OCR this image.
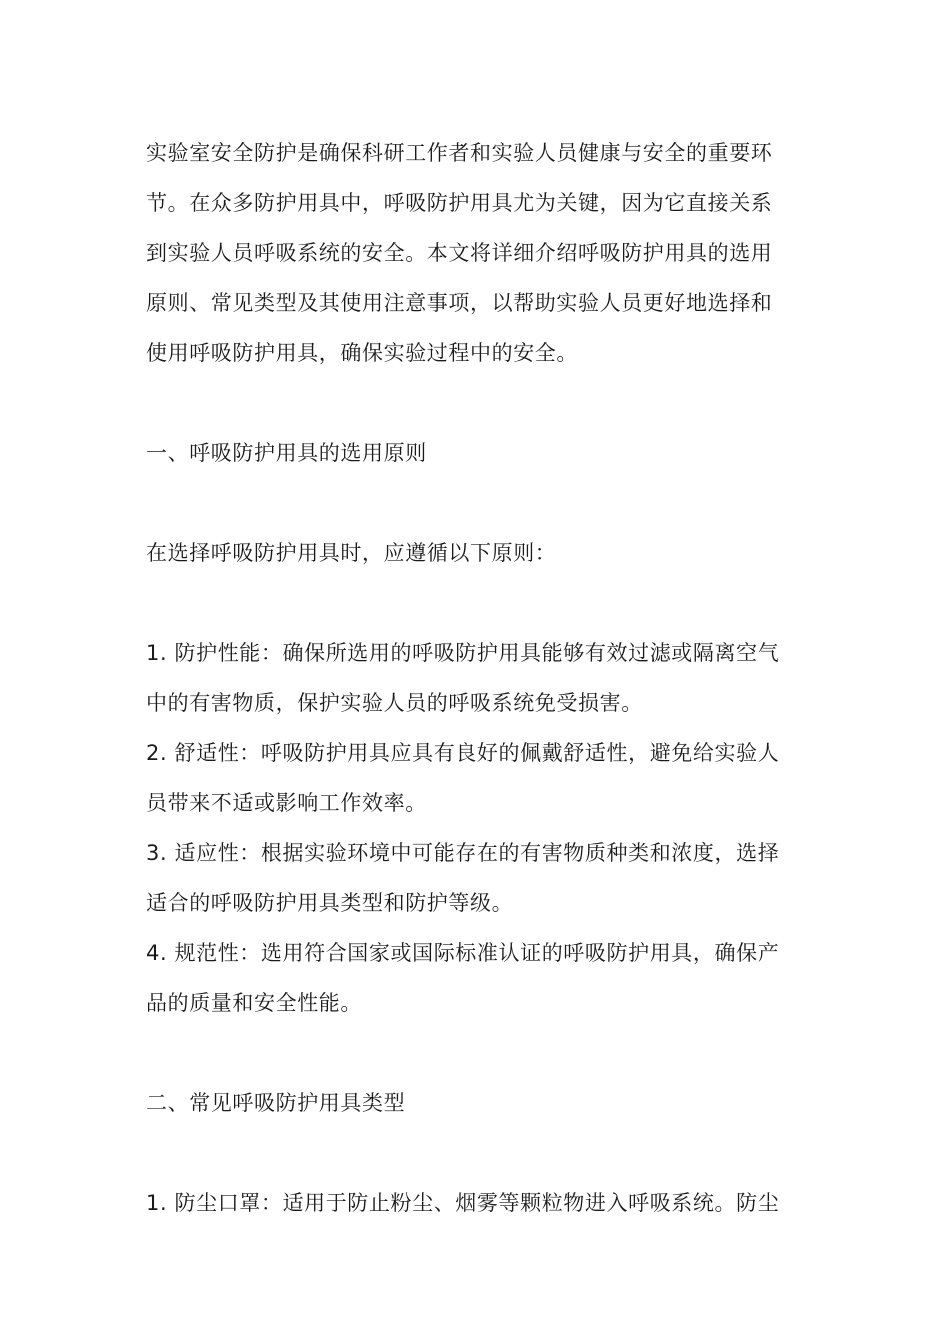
实验室安全防护是确保科研工作者和实验人员健康与安全的重要环
节。在众多防护用具中，呼吸防护用具尤为关键，因为它直接关系
到实验人员呼吸系统的安全。本文将详细介绍呼吸防护用具的选用
原则、常见类型及其使用注意事项，以帮助实验人员更好地选择和
使用呼吸防护用具，确保实验过程中的安全。
一、呼吸防护用具的选用原则
在选择呼吸防护用具时，应遵循以下原则：
1. 防护性能：确保所选用的呼吸防护用具能够有效过滤或隔离空气
中的有害物质，保护实验人员的呼吸系统免受损害。
2. 舒适性：呼吸防护用具应具有良好的佩戴舒适性，避免给实验人
员带来不适或影响工作效率。
3. 适应性：根据实验环境中可能存在的有害物质种类和浓度，选择
适合的呼吸防护用具类型和防护等级。
4. 规范性：选用符合国家或国际标准认证的呼吸防护用具，确保产
品的质量和安全性能。
二、常见呼吸防护用具类型
1. 防尘口罩：适用于防止粉尘、烟雾等颗粒物进入呼吸系统。防尘
